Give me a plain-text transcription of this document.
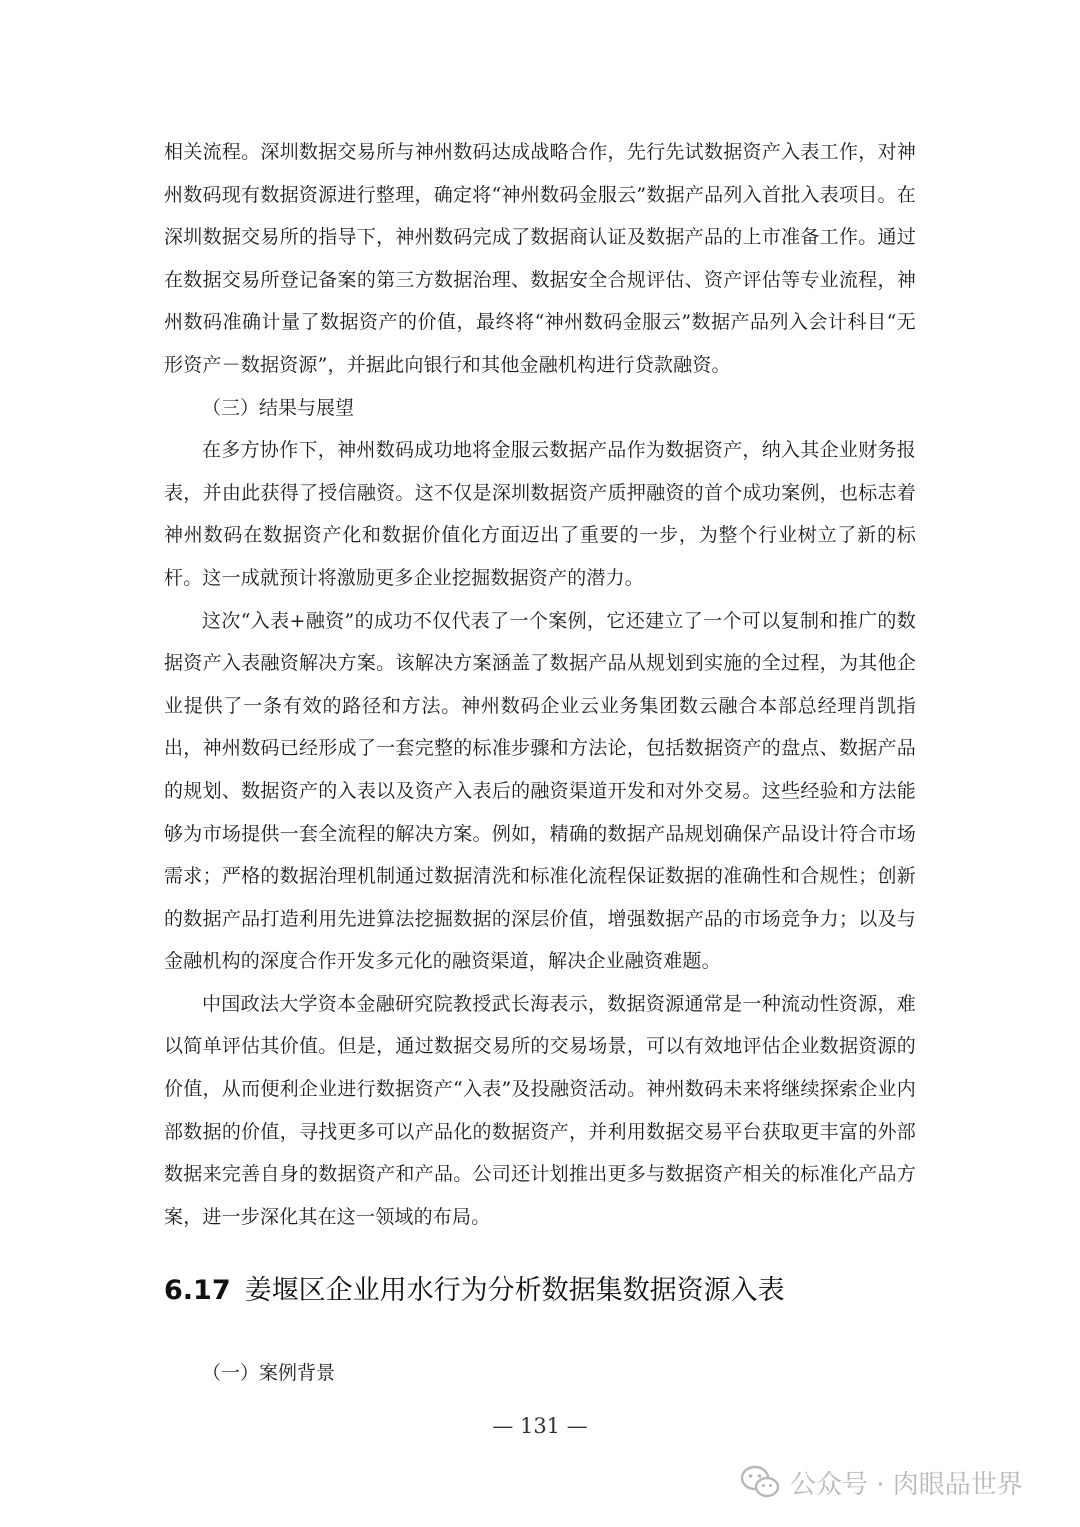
相关流程。深圳数据交易所与神州数码达成战略合作，先行先试数据资产入表工作，对神州数码现有数据资源进行整理，确定将“神州数码金服云”数据产品列入首批入表项目。在深圳数据交易所的指导下，神州数码完成了数据商认证及数据产品的上市准备工作。通过在数据交易所登记备案的第三方数据治理、数据安全合规评估、资产评估等专业流程，神州数码准确计量了数据资产的价值，最终将“神州数码金服云”数据产品列入会计科目“无形资产－数据资源”，并据此向银行和其他金融机构进行贷款融资。

（三）结果与展望

在多方协作下，神州数码成功地将金服云数据产品作为数据资产，纳入其企业财务报表，并由此获得了授信融资。这不仅是深圳数据资产质押融资的首个成功案例，也标志着神州数码在数据资产化和数据价值化方面迈出了重要的一步，为整个行业树立了新的标杆。这一成就预计将激励更多企业挖掘数据资产的潜力。

这次“入表+融资”的成功不仅代表了一个案例，它还建立了一个可以复制和推广的数据资产入表融资解决方案。该解决方案涵盖了数据产品从规划到实施的全过程，为其他企业提供了一条有效的路径和方法。神州数码企业云业务集团数云融合本部总经理肖凯指出，神州数码已经形成了一套完整的标准步骤和方法论，包括数据资产的盘点、数据产品的规划、数据资产的入表以及资产入表后的融资渠道开发和对外交易。这些经验和方法能够为市场提供一套全流程的解决方案。例如，精确的数据产品规划确保产品设计符合市场需求；严格的数据治理机制通过数据清洗和标准化流程保证数据的准确性和合规性；创新的数据产品打造利用先进算法挖掘数据的深层价值，增强数据产品的市场竞争力；以及与金融机构的深度合作开发多元化的融资渠道，解决企业融资难题。

中国政法大学资本金融研究院教授武长海表示，数据资源通常是一种流动性资源，难以简单评估其价值。但是，通过数据交易所的交易场景，可以有效地评估企业数据资源的价值，从而便利企业进行数据资产“入表”及投融资活动。神州数码未来将继续探索企业内部数据的价值，寻找更多可以产品化的数据资产，并利用数据交易平台获取更丰富的外部数据来完善自身的数据资产和产品。公司还计划推出更多与数据资产相关的标准化产品方案，进一步深化其在这一领域的布局。

6.17 姜堰区企业用水行为分析数据集数据资源入表

（一）案例背景

— 131 —
公众号 · 肉眼品世界
